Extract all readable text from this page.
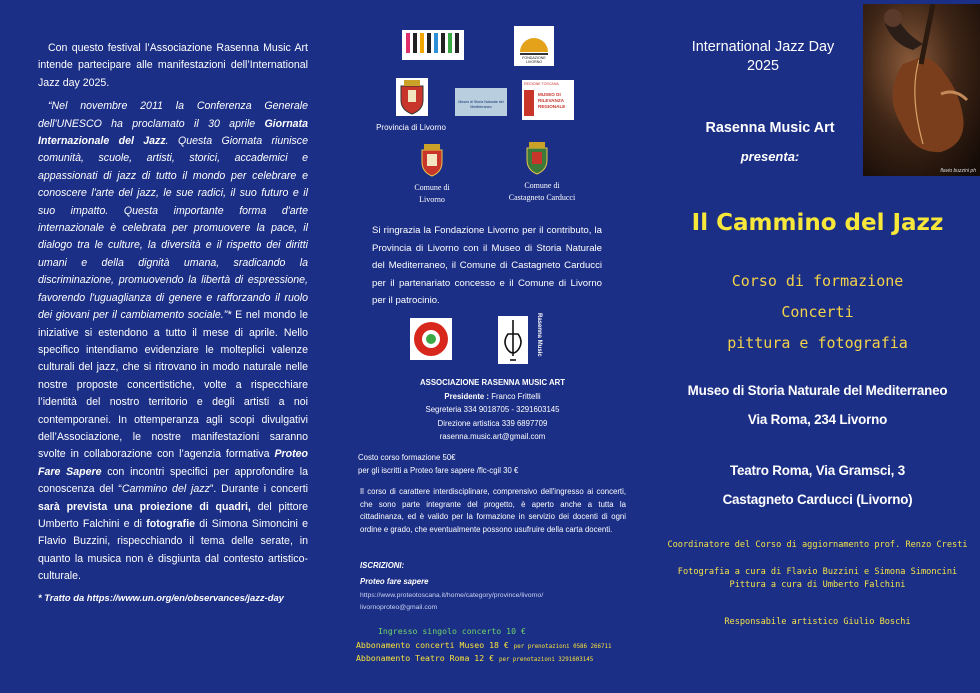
Con questo festival l’Associazione Rasenna Music Art intende partecipare alle manifestazioni dell’International Jazz day 2025.

“Nel novembre 2011 la Conferenza Generale dell'UNESCO ha proclamato il 30 aprile Giornata Internazionale del Jazz. Questa Giornata riunisce comunità, scuole, artisti, storici, accademici e appassionati di jazz di tutto il mondo per celebrare e conoscere l'arte del jazz, le sue radici, il suo futuro e il suo impatto. Questa importante forma d'arte internazionale è celebrata per promuovere la pace, il dialogo tra le culture, la diversità e il rispetto dei diritti umani e della dignità umana, sradicando la discriminazione, promuovendo la libertà di espressione, favorendo l'uguaglianza di genere e rafforzando il ruolo dei giovani per il cambiamento sociale.”* E nel mondo le iniziative si estendono a tutto il mese di aprile. Nello specifico intendiamo evidenziare le molteplici valenze culturali del jazz, che si ritrovano in modo naturale nelle nostre proposte concertistiche, volte a rispecchiare l’identità del nostro territorio e degli artisti a noi contemporanei. In ottemperanza agli scopi divulgativi dell’Associazione, le nostre manifestazioni saranno svolte in collaborazione con l’agenzia formativa Proteo Fare Sapere con incontri specifici per approfondire la conoscenza del “Cammino del jazz”. Durante i concerti sarà prevista una proiezione di quadri, del pittore Umberto Falchini e di fotografie di Simona Simoncini e Flavio Buzzini, rispecchiando il tema delle serate, in quanto la musica non è disgiunta dal contesto artistico-culturale.

* Tratto da https://www.un.org/en/observances/jazz-day
FONDAZIONE LIVORNO
Museo di Storia Naturale del Mediterraneo
REGIONE TOSCANA
MUSEO DI RILEVANZA REGIONALE
Provincia di Livorno
Comune di
Livorno
Comune di
Castagneto Carducci
Si ringrazia la Fondazione Livorno per il contributo, la Provincia di Livorno con il Museo di Storia Naturale del Mediterraneo, il Comune di Castagneto Carducci per il partenariato concesso e il Comune di Livorno per il patrocinio.
Rasenna Music
ASSOCIAZIONE RASENNA MUSIC ART
Presidente : Franco Frittelli
Segreteria 334 9018705 - 3291603145
Direzione artistica 339 6897709
rasenna.music.art@gmail.com
Costo corso formazione 50€
per gli iscritti a Proteo fare sapere /flc-cgil 30 €
Il corso di carattere interdisciplinare, comprensivo dell'ingresso ai concerti, che sono parte integrante del progetto, è aperto anche a tutta la cittadinanza, ed è valido per la formazione in servizio dei docenti di ogni ordine e grado, che eventualmente possono usufruire della carta docenti.
ISCRIZIONI:
Proteo fare sapere
https://www.proteotoscana.it/home/category/province/livorno/
livornoproteo@gmail.com
Ingresso singolo concerto 10 €
Abbonamento concerti Museo 18 € per prenotazioni 0586 266711
Abbonamento Teatro Roma 12 € per prenotazioni 3291603145
flavio buzzini ph
International Jazz Day
2025
Rasenna Music Art
presenta:
Il Cammino del Jazz
Corso di formazione
Concerti
pittura e fotografia
Museo di Storia Naturale del Mediterraneo
Via Roma, 234 Livorno
Teatro Roma, Via Gramsci, 3
Castagneto Carducci (Livorno)
Coordinatore del Corso di aggiornamento prof. Renzo Cresti
Fotografia a cura di Flavio Buzzini e Simona Simoncini
Pittura a cura di Umberto Falchini
Responsabile artistico Giulio Boschi
